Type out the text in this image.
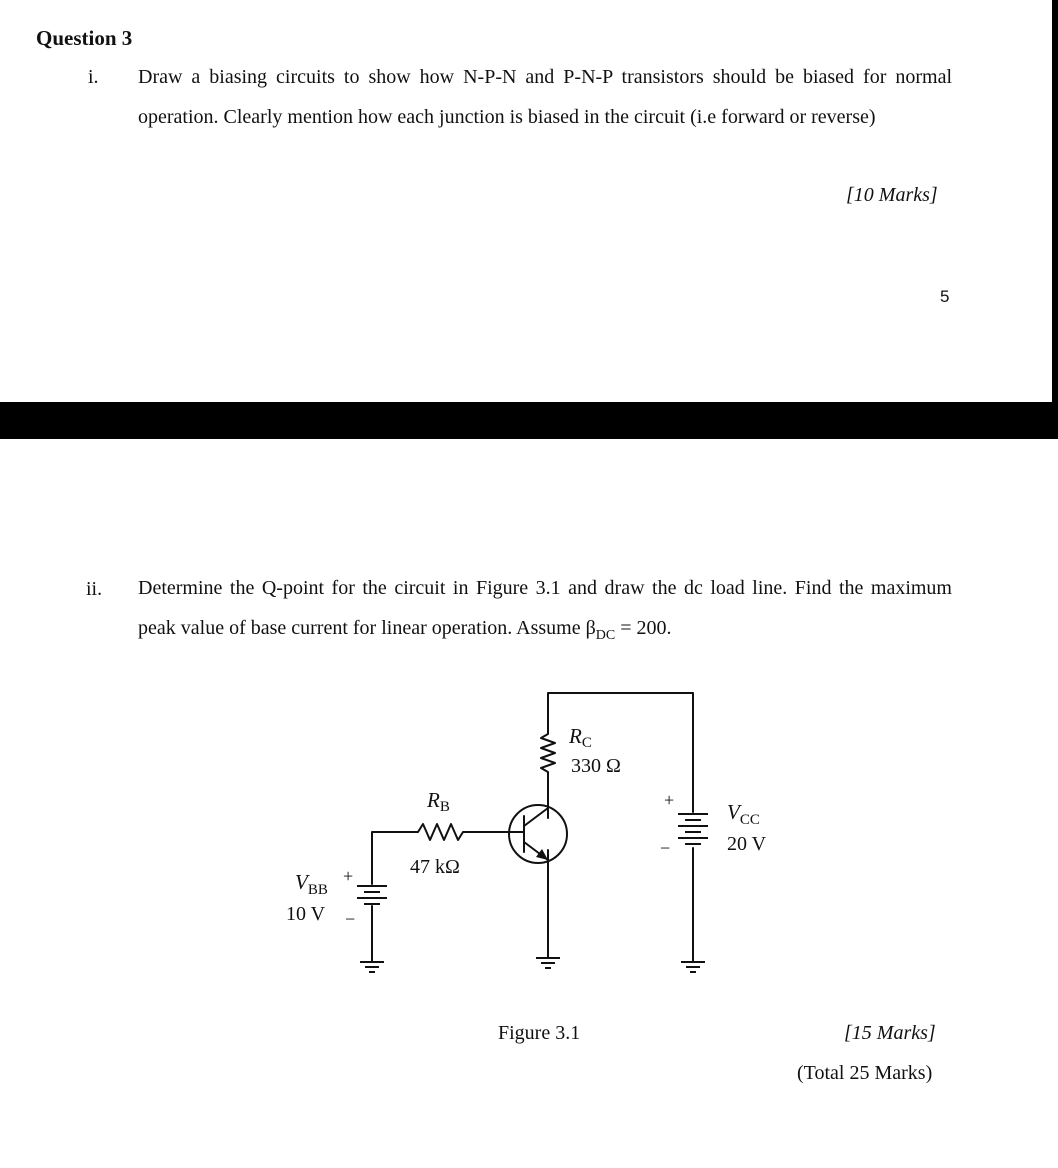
Question 3
i. Draw a biasing circuits to show how N-P-N and P-N-P transistors should be biased for normal operation. Clearly mention how each junction is biased in the circuit (i.e forward or reverse)
[10 Marks]
5
ii. Determine the Q-point for the circuit in Figure 3.1 and draw the dc load line. Find the maximum peak value of base current for linear operation. Assume $\beta_{DC} = 200$.
RC
330 Ω
RB
47 kΩ
$V_{BB}$
10 V
+
−
$V_{CC}$
20 V
+
−
Figure 3.1	[15 Marks]
(Total 25 Marks)
